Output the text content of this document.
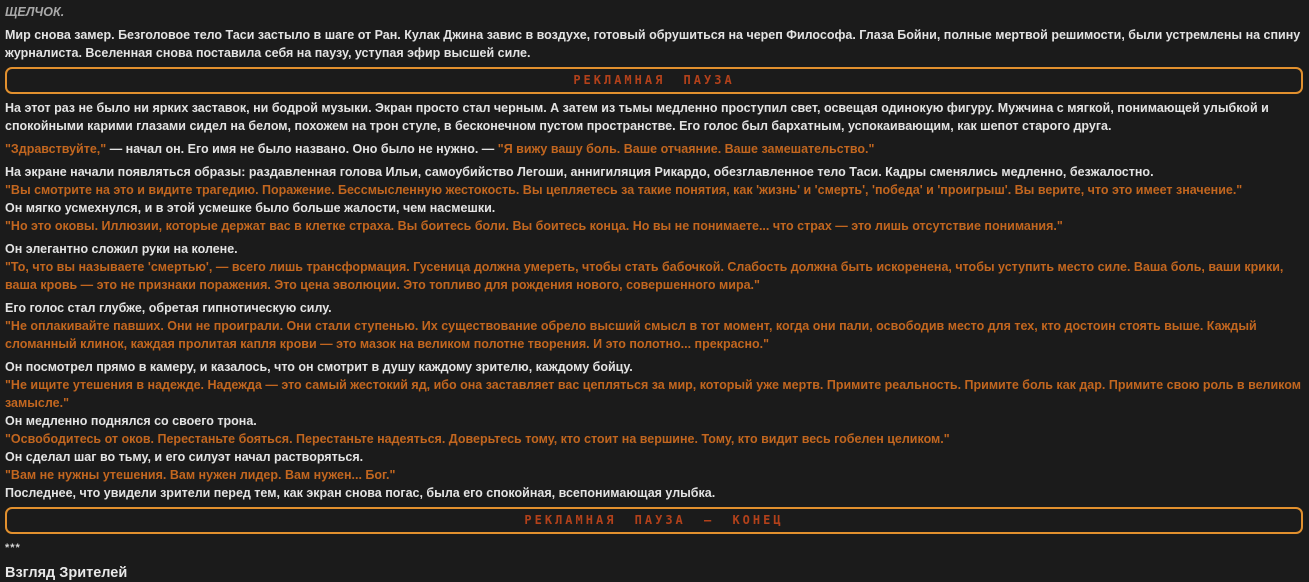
ЩЕЛЧОК.
Мир снова замер. Безголовое тело Таси застыло в шаге от Ран. Кулак Джина завис в воздухе, готовый обрушиться на череп Философа. Глаза Бойни, полные мертвой решимости, были устремлены на спину журналиста. Вселенная снова поставила себя на паузу, уступая эфир высшей силе.
РЕКЛАМНАЯ ПАУЗА
На этот раз не было ни ярких заставок, ни бодрой музыки. Экран просто стал черным. А затем из тьмы медленно проступил свет, освещая одинокую фигуру. Мужчина с мягкой, понимающей улыбкой и спокойными карими глазами сидел на белом, похожем на трон стуле, в бесконечном пустом пространстве. Его голос был бархатным, успокаивающим, как шепот старого друга.
"Здравствуйте," — начал он. Его имя не было названо. Оно было не нужно. — "Я вижу вашу боль. Ваше отчаяние. Ваше замешательство."
На экране начали появляться образы: раздавленная голова Ильи, самоубийство Легоши, аннигиляция Рикардо, обезглавленное тело Таси. Кадры сменялись медленно, безжалостно.
"Вы смотрите на это и видите трагедию. Поражение. Бессмысленную жестокость. Вы цепляетесь за такие понятия, как 'жизнь' и 'смерть', 'победа' и 'проигрыш'. Вы верите, что это имеет значение."
Он мягко усмехнулся, и в этой усмешке было больше жалости, чем насмешки.
"Но это оковы. Иллюзии, которые держат вас в клетке страха. Вы боитесь боли. Вы боитесь конца. Но вы не понимаете... что страх — это лишь отсутствие понимания."
Он элегантно сложил руки на колене.
"То, что вы называете 'смертью', — всего лишь трансформация. Гусеница должна умереть, чтобы стать бабочкой. Слабость должна быть искоренена, чтобы уступить место силе. Ваша боль, ваши крики, ваша кровь — это не признаки поражения. Это цена эволюции. Это топливо для рождения нового, совершенного мира."
Его голос стал глубже, обретая гипнотическую силу.
"Не оплакивайте павших. Они не проиграли. Они стали ступенью. Их существование обрело высший смысл в тот момент, когда они пали, освободив место для тех, кто достоин стоять выше. Каждый сломанный клинок, каждая пролитая капля крови — это мазок на великом полотне творения. И это полотно... прекрасно."
Он посмотрел прямо в камеру, и казалось, что он смотрит в душу каждому зрителю, каждому бойцу.
"Не ищите утешения в надежде. Надежда — это самый жестокий яд, ибо она заставляет вас цепляться за мир, который уже мертв. Примите реальность. Примите боль как дар. Примите свою роль в великом замысле."
Он медленно поднялся со своего трона.
"Освободитесь от оков. Перестаньте бояться. Перестаньте надеяться. Доверьтесь тому, кто стоит на вершине. Тому, кто видит весь гобелен целиком."
Он сделал шаг во тьму, и его силуэт начал растворяться.
"Вам не нужны утешения. Вам нужен лидер. Вам нужен... Бог."
Последнее, что увидели зрители перед тем, как экран снова погас, была его спокойная, всепонимающая улыбка.
РЕКЛАМНАЯ ПАУЗА – КОНЕЦ
***
Взгляд Зрителей
